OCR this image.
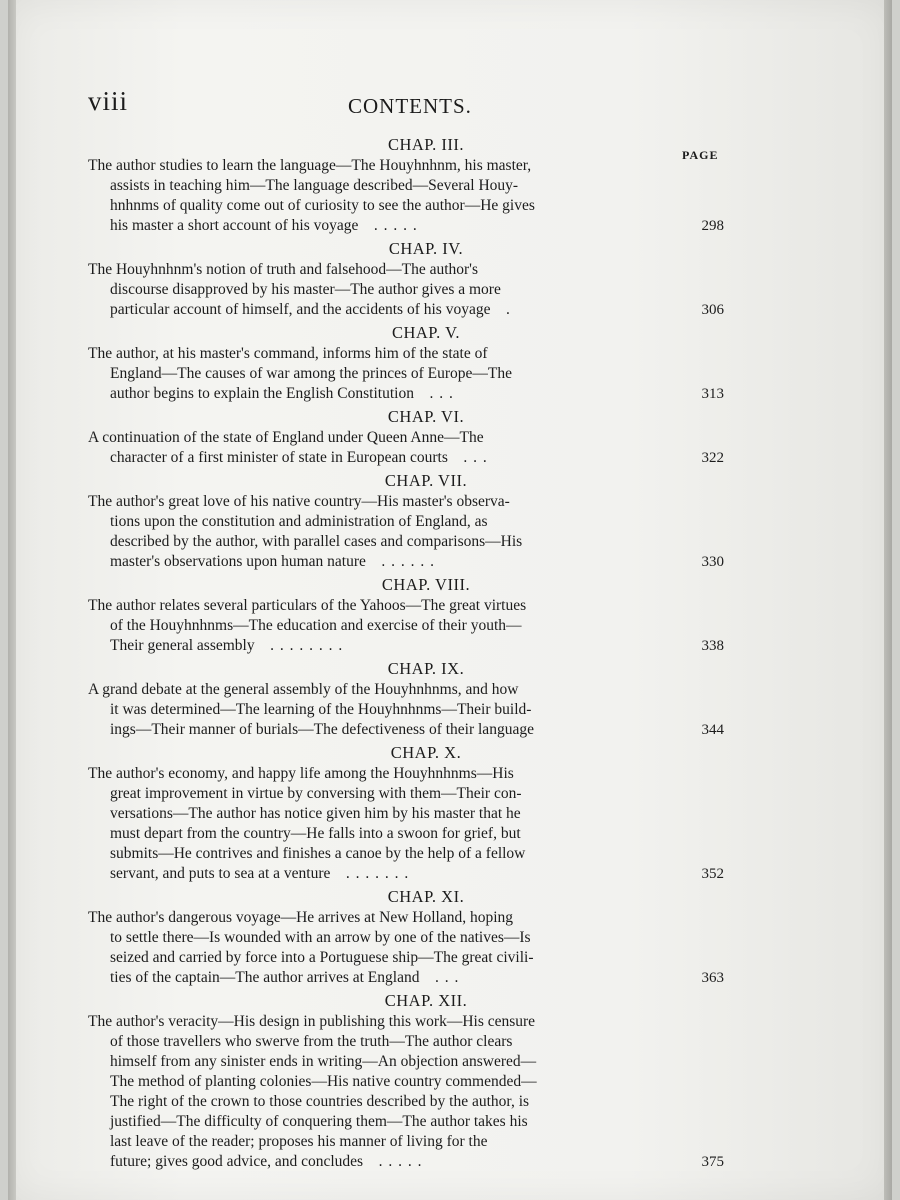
viii	CONTENTS.
PAGE
CHAP. III.
The author studies to learn the language—The Houyhnhnm, his master,
assists in teaching him—The language described—Several Houy-
hnhnms of quality come out of curiosity to see the author—He gives
his master a short account of his voyage  . . . . .	298
CHAP. IV.
The Houyhnhnm's notion of truth and falsehood—The author's
discourse disapproved by his master—The author gives a more
particular account of himself, and the accidents of his voyage  .	306
CHAP. V.
The author, at his master's command, informs him of the state of
England—The causes of war among the princes of Europe—The
author begins to explain the English Constitution  . . .	313
CHAP. VI.
A continuation of the state of England under Queen Anne—The
character of a first minister of state in European courts  . . .	322
CHAP. VII.
The author's great love of his native country—His master's observa-
tions upon the constitution and administration of England, as
described by the author, with parallel cases and comparisons—His
master's observations upon human nature  . . . . . .	330
CHAP. VIII.
The author relates several particulars of the Yahoos—The great virtues
of the Houyhnhnms—The education and exercise of their youth—
Their general assembly  . . . . . . . .	338
CHAP. IX.
A grand debate at the general assembly of the Houyhnhnms, and how
it was determined—The learning of the Houyhnhnms—Their build-
ings—Their manner of burials—The defectiveness of their language	344
CHAP. X.
The author's economy, and happy life among the Houyhnhnms—His
great improvement in virtue by conversing with them—Their con-
versations—The author has notice given him by his master that he
must depart from the country—He falls into a swoon for grief, but
submits—He contrives and finishes a canoe by the help of a fellow
servant, and puts to sea at a venture  . . . . . . .	352
CHAP. XI.
The author's dangerous voyage—He arrives at New Holland, hoping
to settle there—Is wounded with an arrow by one of the natives—Is
seized and carried by force into a Portuguese ship—The great civili-
ties of the captain—The author arrives at England  . . .	363
CHAP. XII.
The author's veracity—His design in publishing this work—His censure
of those travellers who swerve from the truth—The author clears
himself from any sinister ends in writing—An objection answered—
The method of planting colonies—His native country commended—
The right of the crown to those countries described by the author, is
justified—The difficulty of conquering them—The author takes his
last leave of the reader; proposes his manner of living for the
future; gives good advice, and concludes  . . . . .	375
